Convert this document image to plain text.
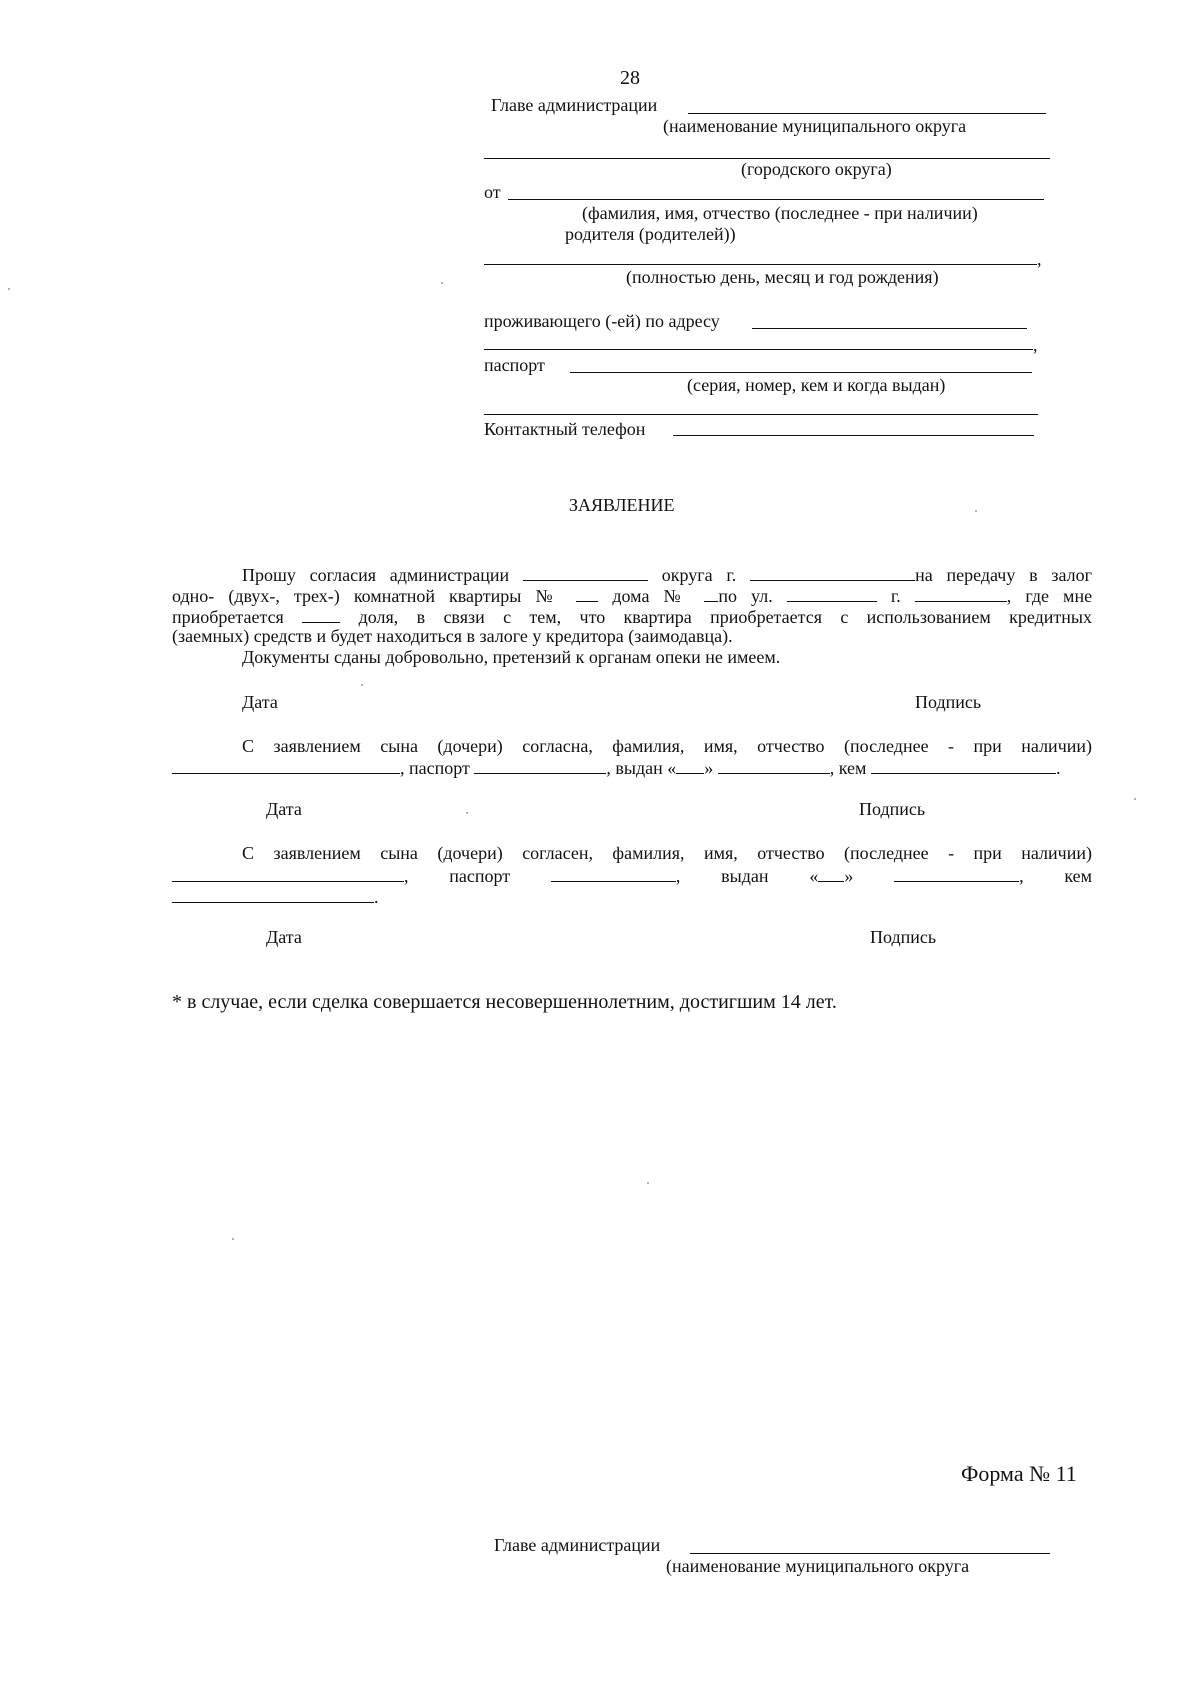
28
Главе администрации
(наименование муниципального округа
(городского округа)
от
(фамилия, имя, отчество (последнее - при наличии)
родителя (родителей))
,
(полностью день, месяц и год рождения)
проживающего (-ей) по адресу
,
паспорт
(серия, номер, кем и когда выдан)
Контактный телефон
ЗАЯВЛЕНИЕ
Прошу согласия администрации	округа г.	на передачу в залог
одно- (двух-, трех-) комнатной квартиры №	дома № по ул.	г.	, где мне
приобретается	доля, в связи с тем, что квартира приобретается с использованием кредитных
(заемных) средств и будет находиться в залоге у кредитора (заимодавца).
Документы сданы добровольно, претензий к органам опеки не имеем.
Дата	Подпись
С заявлением сына (дочери) согласна, фамилия, имя, отчество (последнее - при наличии)
, паспорт	, выдан « »	, кем	.
Дата	Подпись
С заявлением сына (дочери) согласен, фамилия, имя, отчество (последнее - при наличии)
, паспорт	, выдан « »	, кем
.
Дата	Подпись
* в случае, если сделка совершается несовершеннолетним, достигшим 14 лет.
Форма № 11
Главе администрации
(наименование муниципального округа
